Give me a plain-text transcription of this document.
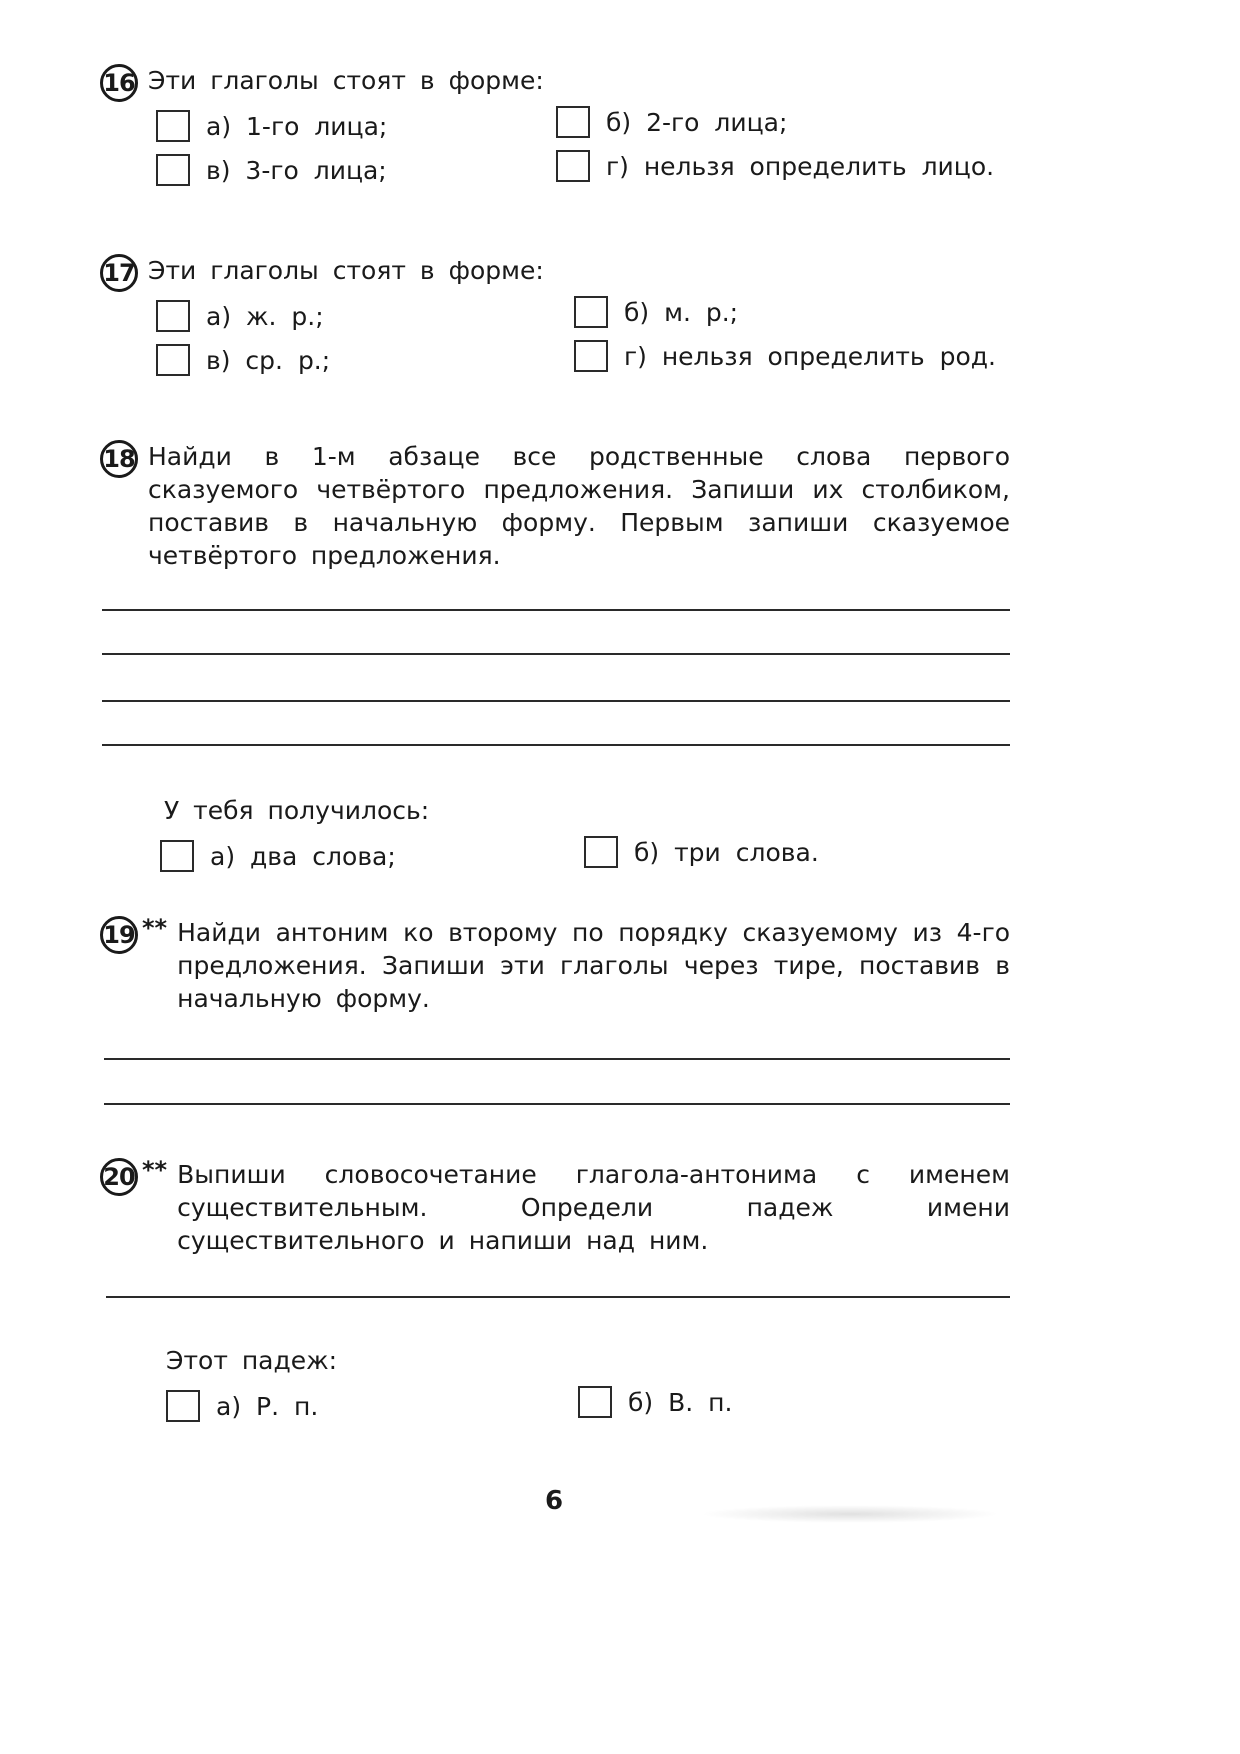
16 Эти глаголы стоят в форме:
а) 1-го лица;	б) 2-го лица;
в) 3-го лица;	г) нельзя определить лицо.
17 Эти глаголы стоят в форме:
а) ж. р.;	б) м. р.;
в) ср. р.;	г) нельзя определить род.
18 Найди в 1-м абзаце все родственные слова первого сказуемого четвёртого предложения. Запиши их столбиком, поставив в начальную форму. Первым запиши сказуемое четвёртого предложения.
У тебя получилось:
а) два слова;	б) три слова.
19 ** Найди антоним ко второму по порядку сказуемому из 4-го предложения. Запиши эти глаголы через тире, поставив в начальную форму.
20 ** Выпиши словосочетание глагола-антонима с именем существительным. Определи падеж имени существительного и напиши над ним.
Этот падеж:
а) Р. п.	б) В. п.
6
